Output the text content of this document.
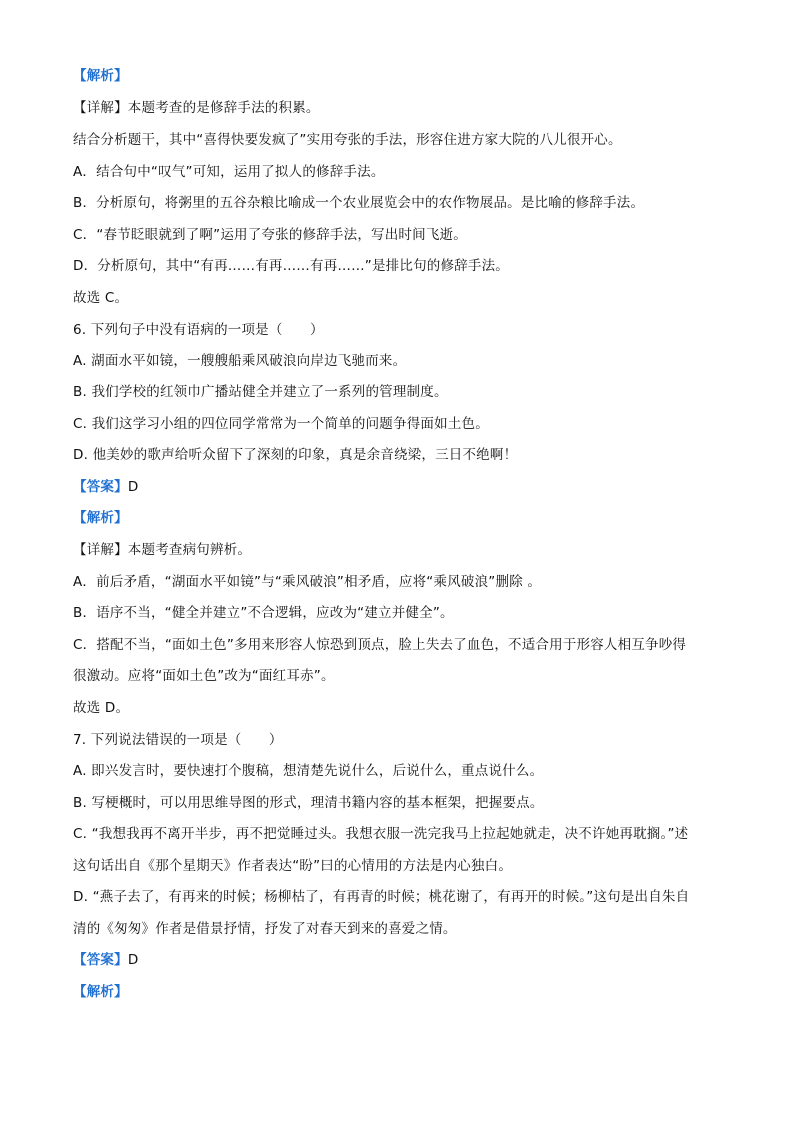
【解析】
【详解】本题考查的是修辞手法的积累。
结合分析题干，其中“喜得快要发疯了”实用夸张的手法，形容住进方家大院的八儿很开心。
A．结合句中“叹气”可知，运用了拟人的修辞手法。
B．分析原句，将粥里的五谷杂粮比喻成一个农业展览会中的农作物展品。是比喻的修辞手法。
C．“春节眨眼就到了啊”运用了夸张的修辞手法，写出时间飞逝。
D．分析原句，其中“有再……有再……有再……”是排比句的修辞手法。
故选 C。
6. 下列句子中没有语病的一项是（　　）
A. 湖面水平如镜，一艘艘船乘风破浪向岸边飞驰而来。
B. 我们学校的红领巾广播站健全并建立了一系列的管理制度。
C. 我们这学习小组的四位同学常常为一个简单的问题争得面如土色。
D. 他美妙的歌声给听众留下了深刻的印象，真是余音绕梁，三日不绝啊！
【答案】D
【解析】
【详解】本题考查病句辨析。
A．前后矛盾，“湖面水平如镜”与“乘风破浪”相矛盾，应将“乘风破浪”删除 。
B．语序不当，“健全并建立”不合逻辑，应改为“建立并健全”。
C．搭配不当，“面如土色”多用来形容人惊恐到顶点，脸上失去了血色，不适合用于形容人相互争吵得
很激动。应将“面如土色”改为“面红耳赤”。
故选 D。
7. 下列说法错误的一项是（　　）
A. 即兴发言时，要快速打个腹稿，想清楚先说什么，后说什么，重点说什么。
B. 写梗概时，可以用思维导图的形式，理清书籍内容的基本框架，把握要点。
C. “我想我再不离开半步，再不把觉睡过头。我想衣服一洗完我马上拉起她就走，决不许她再耽搁。”述
这句话出自《那个星期天》作者表达“盼”曰的心情用的方法是内心独白。
D. “燕子去了，有再来的时候；杨柳枯了，有再青的时候；桃花谢了，有再开的时候。”这句是出自朱自
清的《匆匆》作者是借景抒情，抒发了对春天到来的喜爱之情。
【答案】D
【解析】
